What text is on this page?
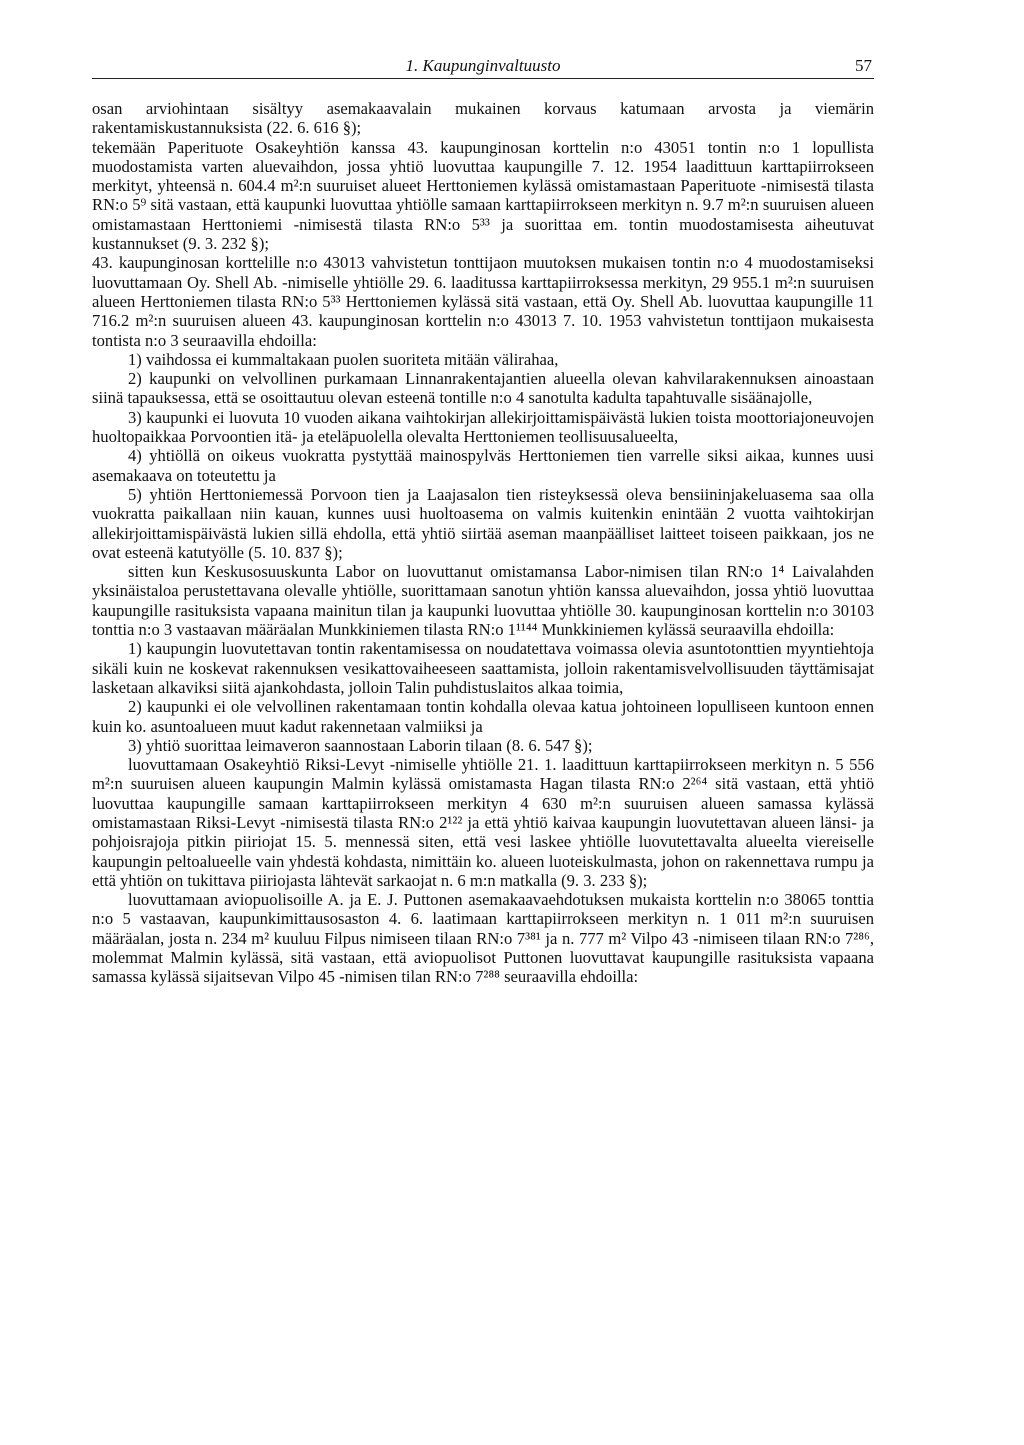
1. Kaupunginvaltuusto	57

osan arviohintaan sisältyy asemakaavalain mukainen korvaus katumaan arvosta ja viemärin rakentamiskustannuksista (22. 6. 616 §);

tekemään Paperituote Osakeyhtiön kanssa 43. kaupunginosan korttelin n:o 43051 tontin n:o 1 lopullista muodostamista varten aluevaihdon, jossa yhtiö luovuttaa kaupungille 7. 12. 1954 laadittuun karttapiirrokseen merkityt, yhteensä n. 604.4 m²:n suuruiset alueet Herttoniemen kylässä omistamastaan Paperituote -nimisestä tilasta RN:o 5⁹ sitä vastaan, että kaupunki luovuttaa yhtiölle samaan karttapiirrokseen merkityn n. 9.7 m²:n suuruisen alueen omistamastaan Herttoniemi -nimisestä tilasta RN:o 5³³ ja suorittaa em. tontin muodostamisesta aiheutuvat kustannukset (9. 3. 232 §);

43. kaupunginosan korttelille n:o 43013 vahvistetun tonttijaon muutoksen mukaisen tontin n:o 4 muodostamiseksi luovuttamaan Oy. Shell Ab. -nimiselle yhtiölle 29. 6. laaditussa karttapiirroksessa merkityn, 29 955.1 m²:n suuruisen alueen Herttoniemen tilasta RN:o 5³³ Herttoniemen kylässä sitä vastaan, että Oy. Shell Ab. luovuttaa kaupungille 11 716.2 m²:n suuruisen alueen 43. kaupunginosan korttelin n:o 43013 7. 10. 1953 vahvistetun tonttijaon mukaisesta tontista n:o 3 seuraavilla ehdoilla:

1) vaihdossa ei kummaltakaan puolen suoriteta mitään välirahaa,

2) kaupunki on velvollinen purkamaan Linnanrakentajantien alueella olevan kahvilarakennuksen ainoastaan siinä tapauksessa, että se osoittautuu olevan esteenä tontille n:o 4 sanotulta kadulta tapahtuvalle sisäänajolle,

3) kaupunki ei luovuta 10 vuoden aikana vaihtokirjan allekirjoittamispäivästä lukien toista moottoriajoneuvojen huoltopaikkaa Porvoontien itä- ja eteläpuolella olevalta Herttoniemen teollisuusalueelta,

4) yhtiöllä on oikeus vuokratta pystyttää mainospylväs Herttoniemen tien varrelle siksi aikaa, kunnes uusi asemakaava on toteutettu ja

5) yhtiön Herttoniemessä Porvoon tien ja Laajasalon tien risteyksessä oleva bensiininjakeluasema saa olla vuokratta paikallaan niin kauan, kunnes uusi huoltoasema on valmis kuitenkin enintään 2 vuotta vaihtokirjan allekirjoittamispäivästä lukien sillä ehdolla, että yhtiö siirtää aseman maanpäälliset laitteet toiseen paikkaan, jos ne ovat esteenä katutyölle (5. 10. 837 §);

sitten kun Keskusosuuskunta Labor on luovuttanut omistamansa Labor-nimisen tilan RN:o 1⁴ Laivalahden yksinäistaloa perustettavana olevalle yhtiölle, suorittamaan sanotun yhtiön kanssa aluevaihdon, jossa yhtiö luovuttaa kaupungille rasituksista vapaana mainitun tilan ja kaupunki luovuttaa yhtiölle 30. kaupunginosan korttelin n:o 30103 tonttia n:o 3 vastaavan määräalan Munkkiniemen tilasta RN:o 1¹¹⁴⁴ Munkkiniemen kylässä seuraavilla ehdoilla:

1) kaupungin luovutettavan tontin rakentamisessa on noudatettava voimassa olevia asuntotonttien myyntiehtoja sikäli kuin ne koskevat rakennuksen vesikattovaiheeseen saattamista, jolloin rakentamisvelvollisuuden täyttämisajat lasketaan alkaviksi siitä ajankohdasta, jolloin Talin puhdistuslaitos alkaa toimia,

2) kaupunki ei ole velvollinen rakentamaan tontin kohdalla olevaa katua johtoineen lopulliseen kuntoon ennen kuin ko. asuntoalueen muut kadut rakennetaan valmiiksi ja

3) yhtiö suorittaa leimaveron saannostaan Laborin tilaan (8. 6. 547 §);

luovuttamaan Osakeyhtiö Riksi-Levyt -nimiselle yhtiölle 21. 1. laadittuun karttapiirrokseen merkityn n. 5 556 m²:n suuruisen alueen kaupungin Malmin kylässä omistamasta Hagan tilasta RN:o 2²⁶⁴ sitä vastaan, että yhtiö luovuttaa kaupungille samaan karttapiirrokseen merkityn 4 630 m²:n suuruisen alueen samassa kylässä omistamastaan Riksi-Levyt -nimisestä tilasta RN:o 2¹²² ja että yhtiö kaivaa kaupungin luovutettavan alueen länsi- ja pohjoisrajoja pitkin piiriojat 15. 5. mennessä siten, että vesi laskee yhtiölle luovutettavalta alueelta viereiselle kaupungin peltoalueelle vain yhdestä kohdasta, nimittäin ko. alueen luoteiskulmasta, johon on rakennettava rumpu ja että yhtiön on tukittava piiriojasta lähtevät sarkaojat n. 6 m:n matkalla (9. 3. 233 §);

luovuttamaan aviopuolisoille A. ja E. J. Puttonen asemakaavaehdotuksen mukaista korttelin n:o 38065 tonttia n:o 5 vastaavan, kaupunkimittausosaston 4. 6. laatimaan karttapiirrokseen merkityn n. 1 011 m²:n suuruisen määräalan, josta n. 234 m² kuuluu Filpus nimiseen tilaan RN:o 7³⁸¹ ja n. 777 m² Vilpo 43 -nimiseen tilaan RN:o 7²⁸⁶, molemmat Malmin kylässä, sitä vastaan, että aviopuolisot Puttonen luovuttavat kaupungille rasituksista vapaana samassa kylässä sijaitsevan Vilpo 45 -nimisen tilan RN:o 7²⁸⁸ seuraavilla ehdoilla:
